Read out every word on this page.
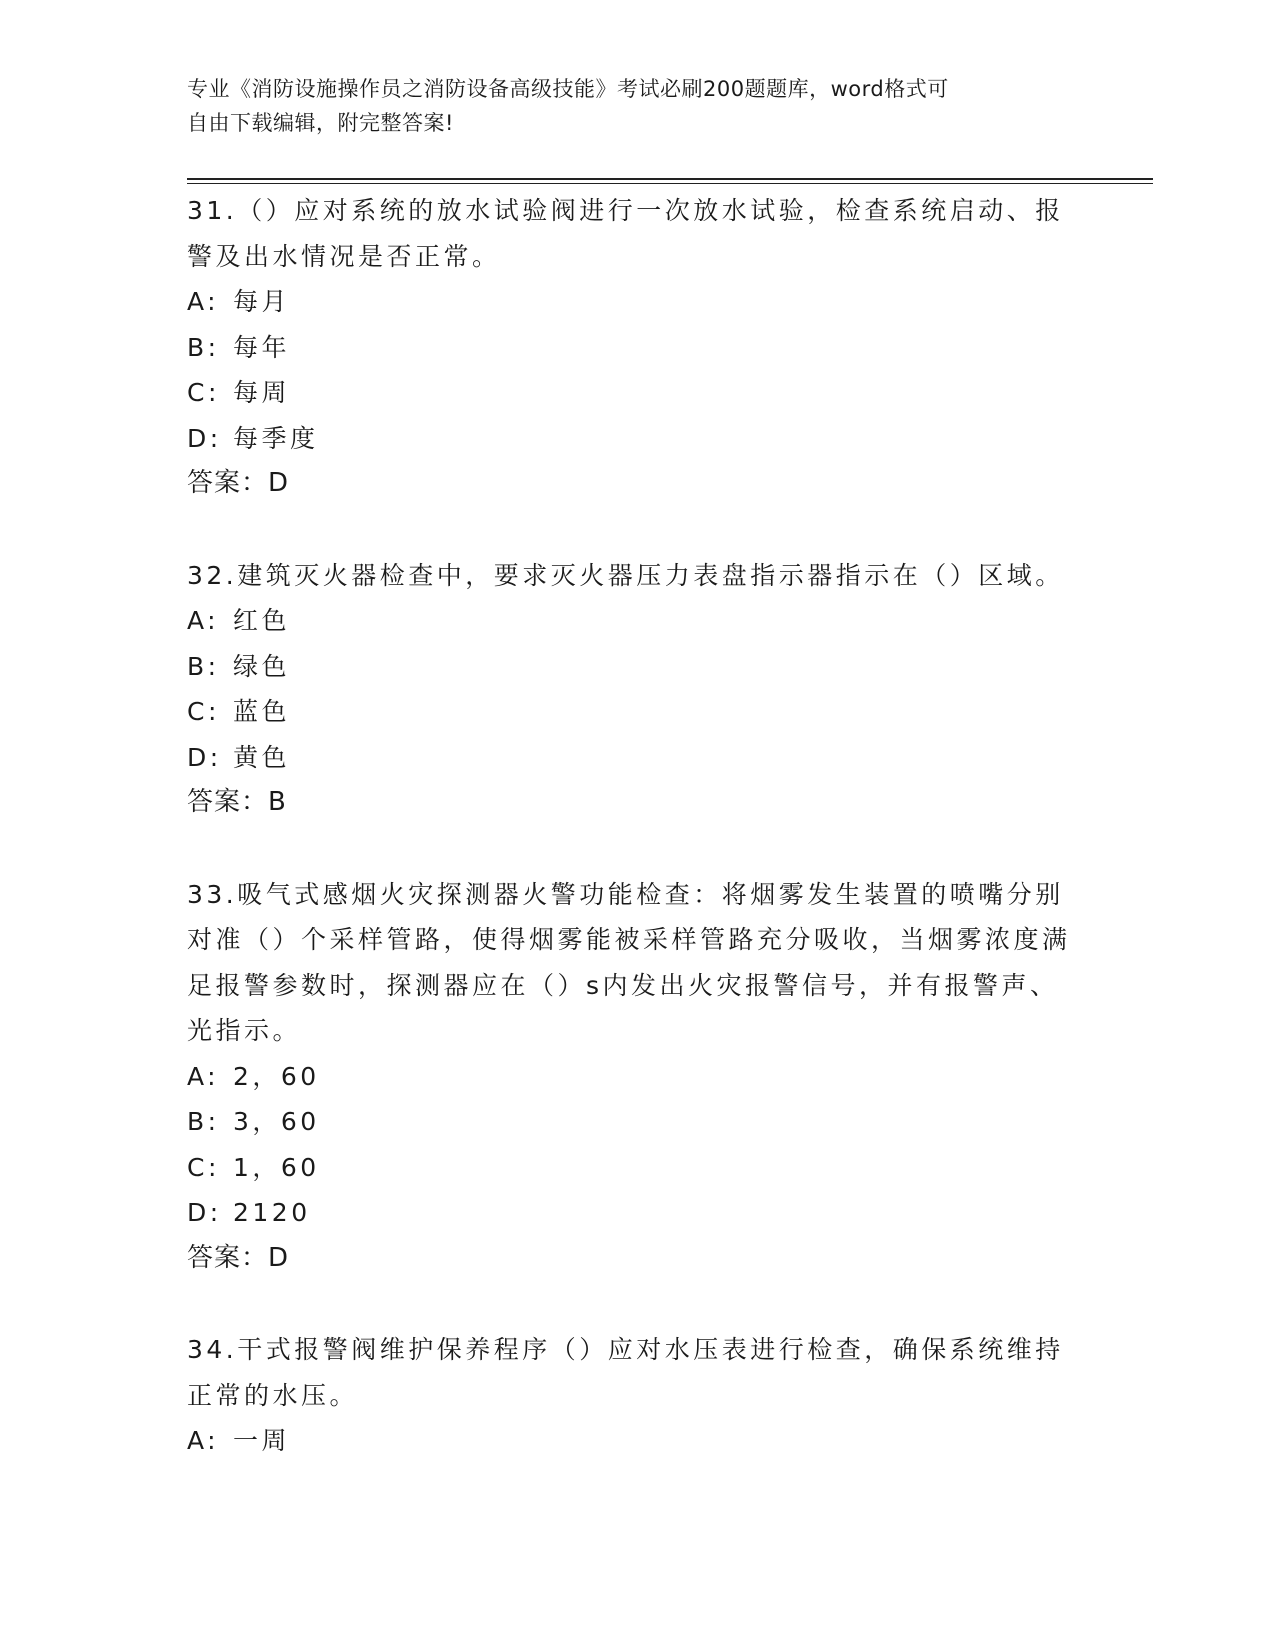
专业《消防设施操作员之消防设备高级技能》考试必刷200题题库，word格式可
自由下载编辑，附完整答案!

31.（）应对系统的放水试验阀进行一次放水试验，检查系统启动、报警及出水情况是否正常。

A: 每月

B: 每年

C: 每周

D: 每季度

答案：D

32.建筑灭火器检查中，要求灭火器压力表盘指示器指示在（）区域。

A: 红色

B: 绿色

C: 蓝色

D: 黄色

答案：B

33.吸气式感烟火灾探测器火警功能检查：将烟雾发生装置的喷嘴分别对准（）个采样管路，使得烟雾能被采样管路充分吸收，当烟雾浓度满足报警参数时，探测器应在（）s内发出火灾报警信号，并有报警声、光指示。

A: 2，60

B: 3，60

C: 1，60

D: 2120

答案：D

34.干式报警阀维护保养程序（）应对水压表进行检查，确保系统维持正常的水压。

A: 一周
